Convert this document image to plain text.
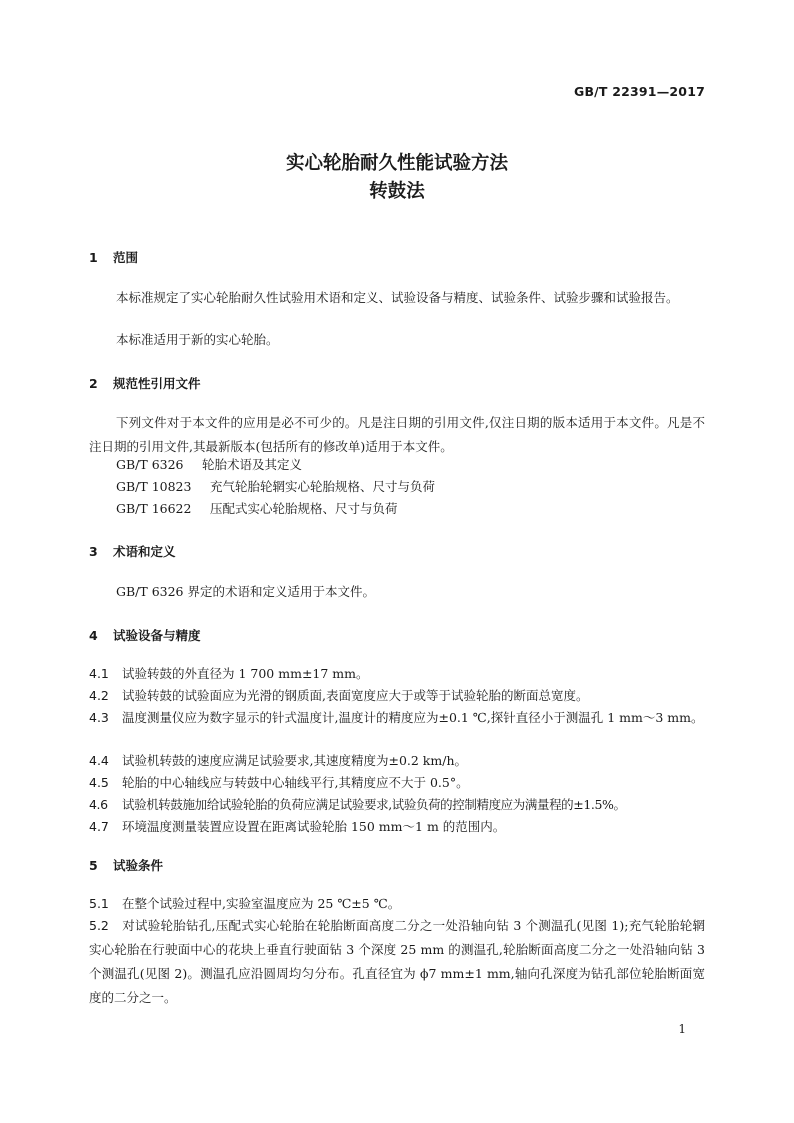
GB/T 22391—2017
实心轮胎耐久性能试验方法
转鼓法
1 范围
本标准规定了实心轮胎耐久性试验用术语和定义、试验设备与精度、试验条件、试验步骤和试验报告。
本标准适用于新的实心轮胎。
2 规范性引用文件
下列文件对于本文件的应用是必不可少的。凡是注日期的引用文件,仅注日期的版本适用于本文件。凡是不注日期的引用文件,其最新版本(包括所有的修改单)适用于本文件。
GB/T 6326 轮胎术语及其定义
GB/T 10823 充气轮胎轮辋实心轮胎规格、尺寸与负荷
GB/T 16622 压配式实心轮胎规格、尺寸与负荷
3 术语和定义
GB/T 6326 界定的术语和定义适用于本文件。
4 试验设备与精度
4.1 试验转鼓的外直径为 1 700 mm±17 mm。
4.2 试验转鼓的试验面应为光滑的钢质面,表面宽度应大于或等于试验轮胎的断面总宽度。
4.3 温度测量仪应为数字显示的针式温度计,温度计的精度应为±0.1 ℃,探针直径小于测温孔 1 mm～3 mm。
4.4 试验机转鼓的速度应满足试验要求,其速度精度为±0.2 km/h。
4.5 轮胎的中心轴线应与转鼓中心轴线平行,其精度应不大于 0.5°。
4.6 试验机转鼓施加给试验轮胎的负荷应满足试验要求,试验负荷的控制精度应为满量程的±1.5%。
4.7 环境温度测量装置应设置在距离试验轮胎 150 mm～1 m 的范围内。
5 试验条件
5.1 在整个试验过程中,实验室温度应为 25 ℃±5 ℃。
5.2 对试验轮胎钻孔,压配式实心轮胎在轮胎断面高度二分之一处沿轴向钻 3 个测温孔(见图 1);充气轮胎轮辋实心轮胎在行驶面中心的花块上垂直行驶面钻 3 个深度 25 mm 的测温孔,轮胎断面高度二分之一处沿轴向钻 3 个测温孔(见图 2)。测温孔应沿圆周均匀分布。孔直径宜为 ϕ7 mm±1 mm,轴向孔深度为钻孔部位轮胎断面宽度的二分之一。
1
